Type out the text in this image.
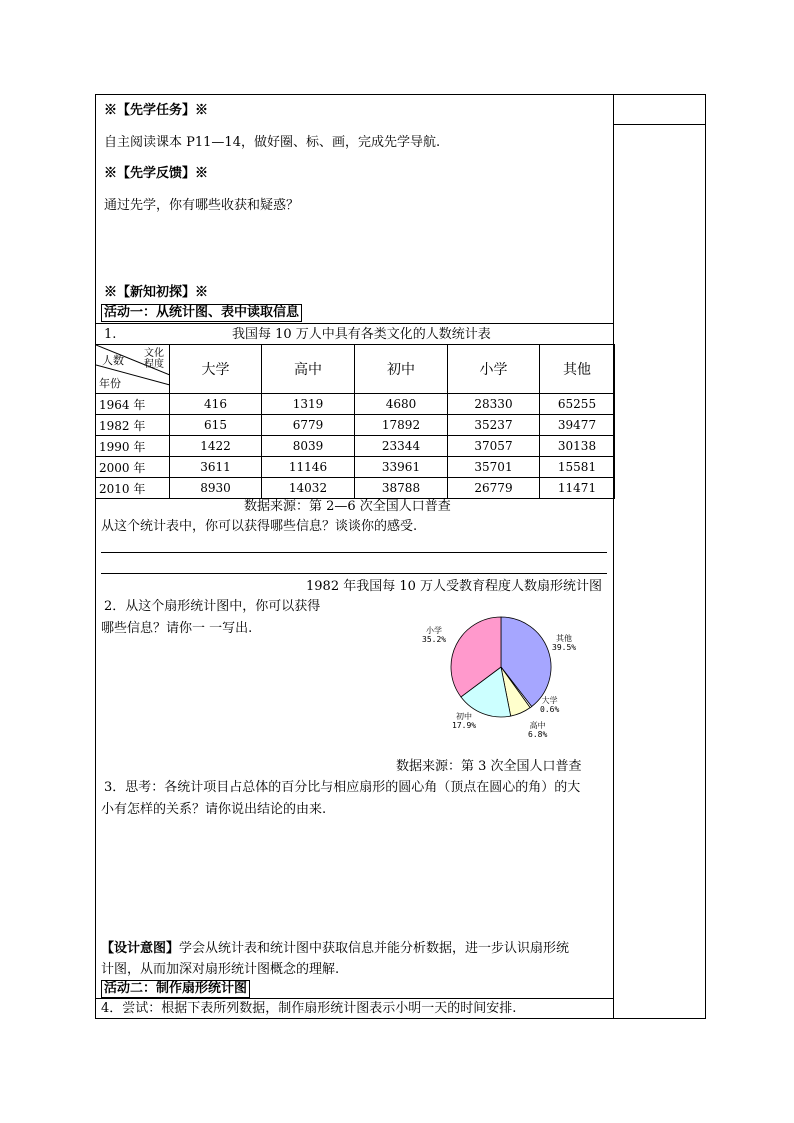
※【先学任务】※
自主阅读课本 P11—14，做好圈、标、画，完成先学导航.
※【先学反馈】※
通过先学，你有哪些收获和疑惑？
※【新知初探】※
活动一：从统计图、表中读取信息
1.	我国每 10 万人中具有各类文化的人数统计表
文化
程度
人数
年份	大学	高中	初中	小学	其他
1964 年	416	1319	4680	28330	65255
1982 年	615	6779	17892	35237	39477
1990 年	1422	8039	23344	37057	30138
2000 年	3611	11146	33961	35701	15581
2010 年	8930	14032	38788	26779	11471
数据来源：第 2—6 次全国人口普查
从这个统计表中，你可以获得哪些信息？谈谈你的感受.
1982 年我国每 10 万人受教育程度人数扇形统计图
2．从这个扇形统计图中，你可以获得
哪些信息？请你一 一写出.	小学
35.2%	其他
39.5%
大学
0.6%
高中
6.8%
初中
17.9%
数据来源：第 3 次全国人口普查
3．思考：各统计项目占总体的百分比与相应扇形的圆心角（顶点在圆心的角）的大
小有怎样的关系？请你说出结论的由来.
【设计意图】学会从统计表和统计图中获取信息并能分析数据，进一步认识扇形统
计图，从而加深对扇形统计图概念的理解.
活动二：制作扇形统计图
4．尝试：根据下表所列数据，制作扇形统计图表示小明一天的时间安排.
